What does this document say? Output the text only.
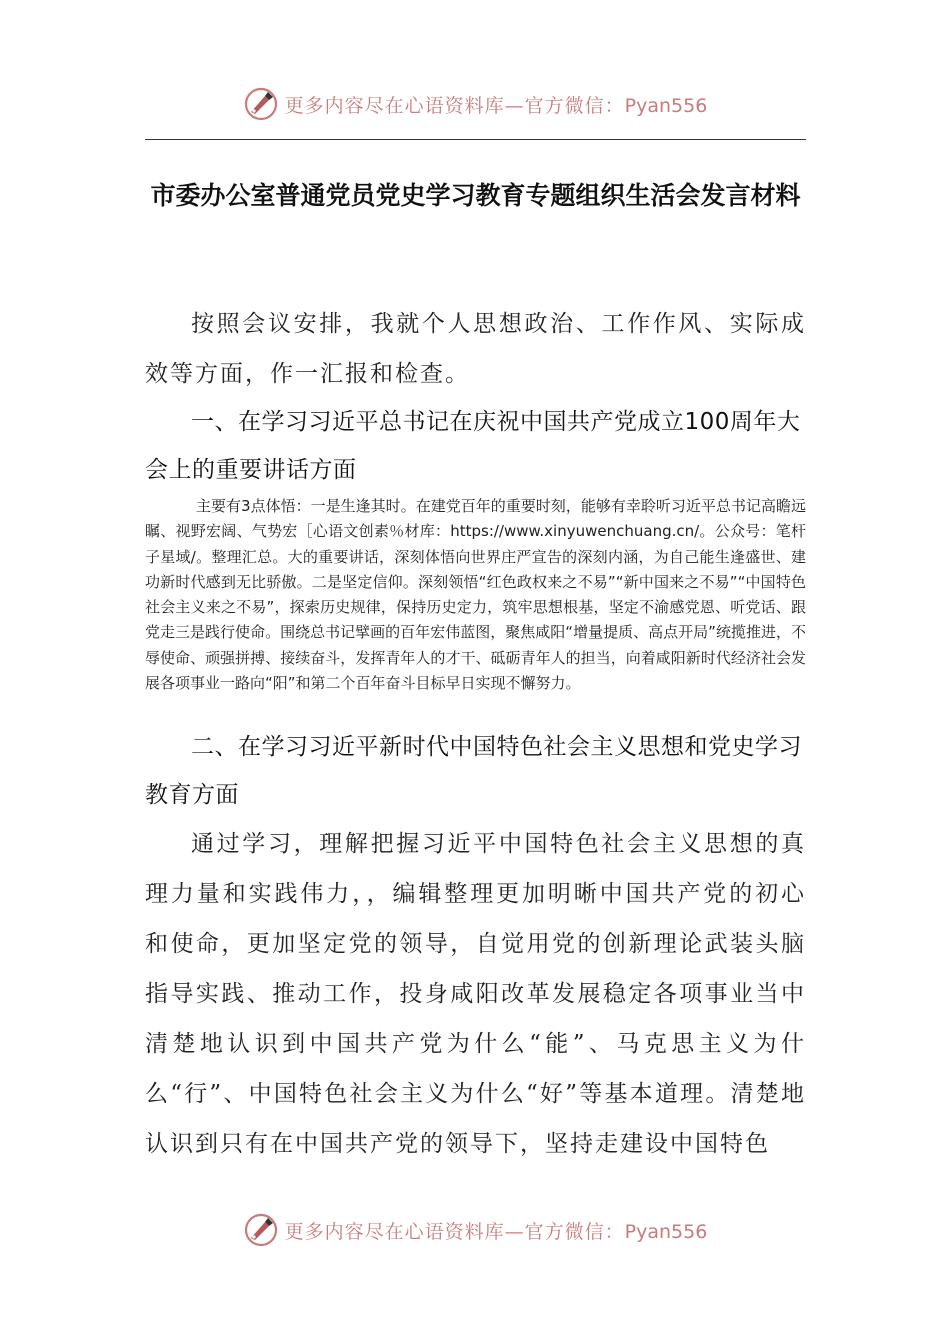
更多内容尽在心语资料库—官方微信：Pyan556
市委办公室普通党员党史学习教育专题组织生活会发言材料
按照会议安排，我就个人思想政治、工作作风、实际成效等方面，作一汇报和检查。
一、在学习习近平总书记在庆祝中国共产党成立100周年大会上的重要讲话方面
主要有3点体悟：一是生逢其时。在建党百年的重要时刻，能够有幸聆听习近平总书记高瞻远瞩、视野宏阔、气势宏［心语文创素％材库：https://www.xinyuwenchuang.cn/。公众号：笔杆子星域/。整理汇总。大的重要讲话，深刻体悟向世界庄严宣告的深刻内涵，为自己能生逢盛世、建功新时代感到无比骄傲。二是坚定信仰。深刻领悟“红色政权来之不易”“新中国来之不易”“中国特色社会主义来之不易”，探索历史规律，保持历史定力，筑牢思想根基，坚定不渝感党恩、听党话、跟党走三是践行使命。围绕总书记擘画的百年宏伟蓝图，聚焦咸阳“增量提质、高点开局”统揽推进，不辱使命、顽强拼搏、接续奋斗，发挥青年人的才干、砥砺青年人的担当，向着咸阳新时代经济社会发展各项事业一路向“阳”和第二个百年奋斗目标早日实现不懈努力。
二、在学习习近平新时代中国特色社会主义思想和党史学习教育方面
通过学习，理解把握习近平中国特色社会主义思想的真理力量和实践伟力，，编辑整理更加明晰中国共产党的初心和使命，更加坚定党的领导，自觉用党的创新理论武装头脑指导实践、推动工作，投身咸阳改革发展稳定各项事业当中清楚地认识到中国共产党为什么“能”、马克思主义为什么“行”、中国特色社会主义为什么“好”等基本道理。清楚地认识到只有在中国共产党的领导下，坚持走建设中国特色
更多内容尽在心语资料库—官方微信：Pyan556
